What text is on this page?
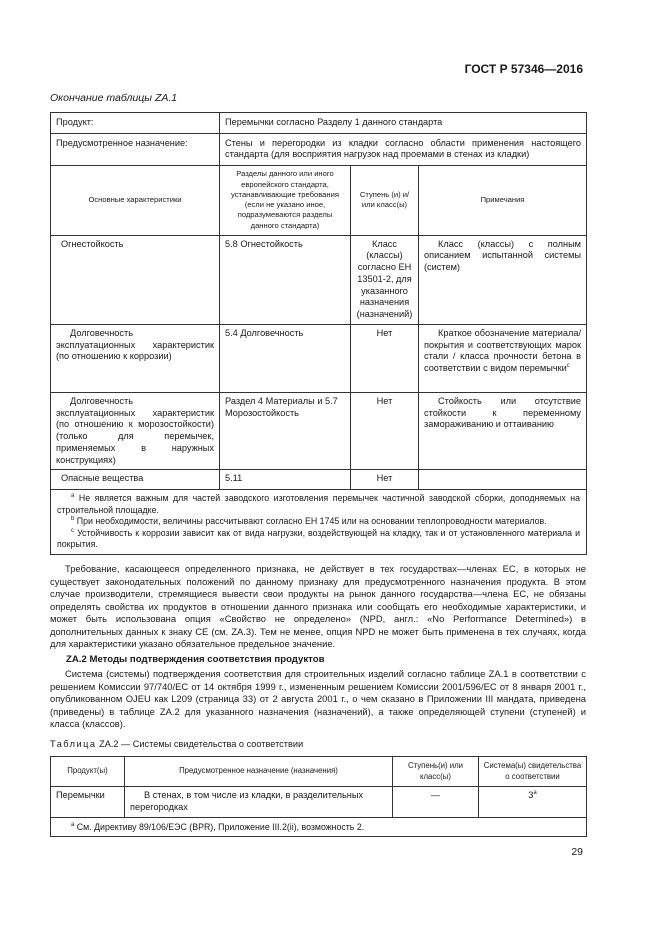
ГОСТ Р 57346—2016
Окончание таблицы ZA.1
Продукт:	Перемычки согласно Разделу 1 данного стандарта		
Предусмотренное назначение:	Стены и перегородки из кладки согласно области применения настоящего стандарта (для восприятия нагрузок над проемами в стенах из кладки)		
Основные характеристики	Разделы данного или иного европейского стандарта, устанавливающие требования (если не указано иное, подразумеваются разделы данного стандарта)	Ступень (и) и/или класс(ы)	Примечания
Огнестойкость	5.8 Огнестойкость	Класс (классы) согласно ЕН 13501-2, для указанного назначения (назначений)	Класс (классы) с полным описанием испытанной системы (систем)
Долговечность эксплуатационных характеристик (по отношению к коррозии)	5.4 Долговечность	Нет	Краткое обозначение материала/покрытия и соответствующих марок стали / класса прочности бетона в соответствии с видом перемычки$^c$
Долговечность эксплуатационных характеристик (по отношению к морозостойкости) (только для перемычек, применяемых в наружных конструкциях)	Раздел 4 Материалы и 5.7 Морозостойкость	Нет	Стойкость или отсутствие стойкости к переменному замораживанию и оттаиванию
Опасные вещества	5.11	Нет	

$^a$ Не является важным для частей заводского изготовления перемычек частичной заводской сборки, доподняемых на строительной площадке.
$^b$ При необходимости, величины рассчитывают согласно ЕН 1745 или на основании теплопроводности материалов.
$^c$ Устойчивость к коррозии зависит как от вида нагрузки, воздействующей на кладку, так и от установленного материала и покрытия.			
Требование, касающееся определенного признака, не действует в тех государствах—членах ЕС, в которых не существует законодательных положений по данному признаку для предусмотренного назначения продукта. В этом случае производители, стремящиеся вывести свои продукты на рынок данного государства—члена ЕС, не обязаны определять свойства их продуктов в отношении данного признака или сообщать его необходимые характеристики, и может быть использована опция «Свойство не определено» (NPD, англ.: «No Performance Determined») в дополнительных данных к знаку CE (см. ZA.3). Тем не менее, опция NPD не может быть применена в тех случаях, когда для характеристики указано обязательное предельное значение.
ZA.2 Методы подтверждения соответствия продуктов
Система (системы) подтверждения соответствия для строительных изделий согласно таблице ZA.1 в соответствии с решением Комиссии 97/740/EC от 14 октября 1999 г., измененным решением Комиссии 2001/596/EC от 8 января 2001 г., опубликованном OJEU как L209 (страница 33) от 2 августа 2001 г., о чем сказано в Приложении III мандата, приведена (приведены) в таблице ZA.2 для указанного назначения (назначений), а также определяющей ступени (ступеней) и класса (классов).
Таблица ZA.2 — Системы свидетельства о соответствии
Продукт(ы)	Предусмотренное назначение (назначения)	Ступень(и) или класс(ы)	Система(ы) свидетельства о соответствии
Перемычки	В стенах, в том числе из кладки, в разделительных перегородках	—	3$^a$
$^a$ См. Директиву 89/106/ЕЭС (BPR), Приложение III.2(ii), возможность 2.			
29
